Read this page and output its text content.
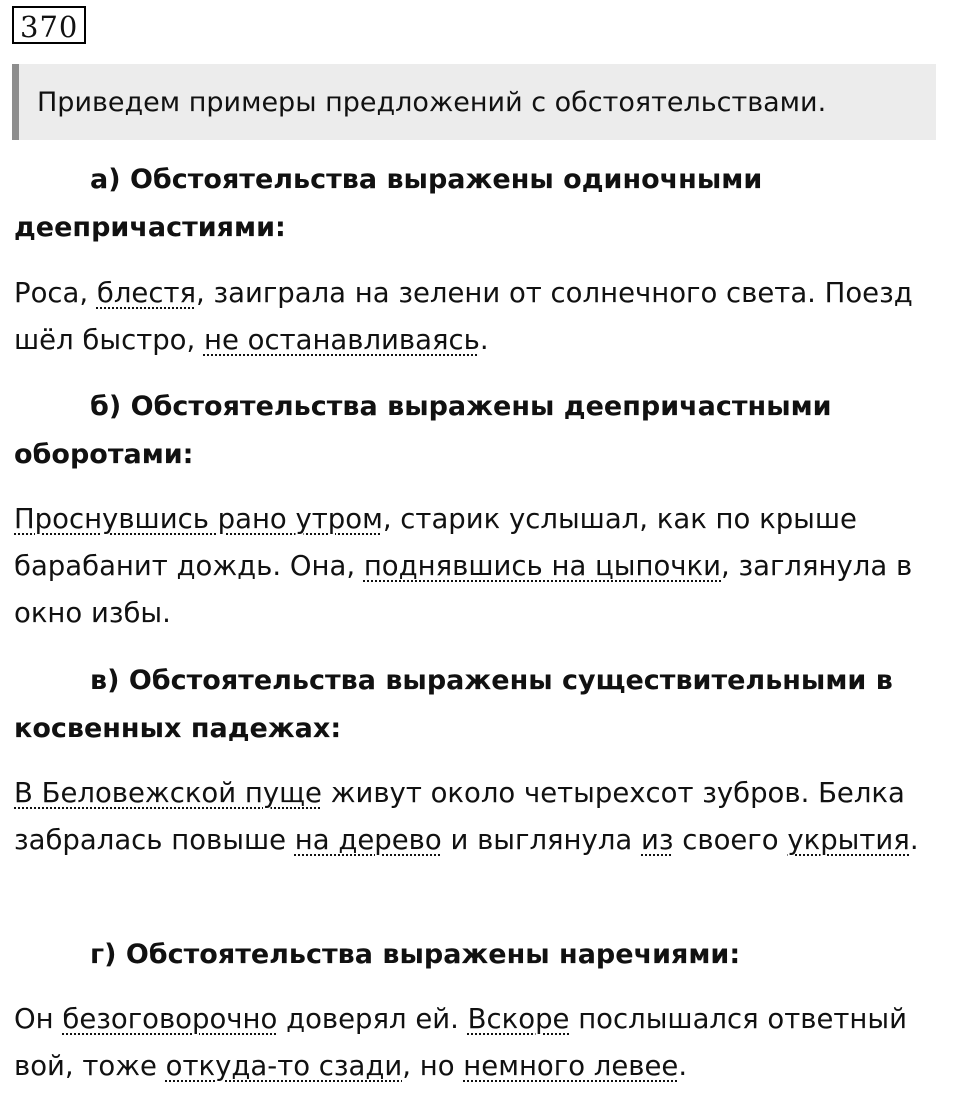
370
Приведем примеры предложений с обстоятельствами.
а) Обстоятельства выражены одиночными деепричастиями:
Роса, блестя, заиграла на зелени от солнечного света. Поезд шёл быстро, не останавливаясь.
б) Обстоятельства выражены деепричастными оборотами:
Проснувшись рано утром, старик услышал, как по крыше барабанит дождь. Она, поднявшись на цыпочки, заглянула в окно избы.
в) Обстоятельства выражены существительными в косвенных падежах:
В Беловежской пуще живут около четырехсот зубров. Белка забралась повыше на дерево и выглянула из своего укрытия.
г) Обстоятельства выражены наречиями:
Он безоговорочно доверял ей. Вскоре послышался ответный вой, тоже откуда-то сзади, но немного левее.
